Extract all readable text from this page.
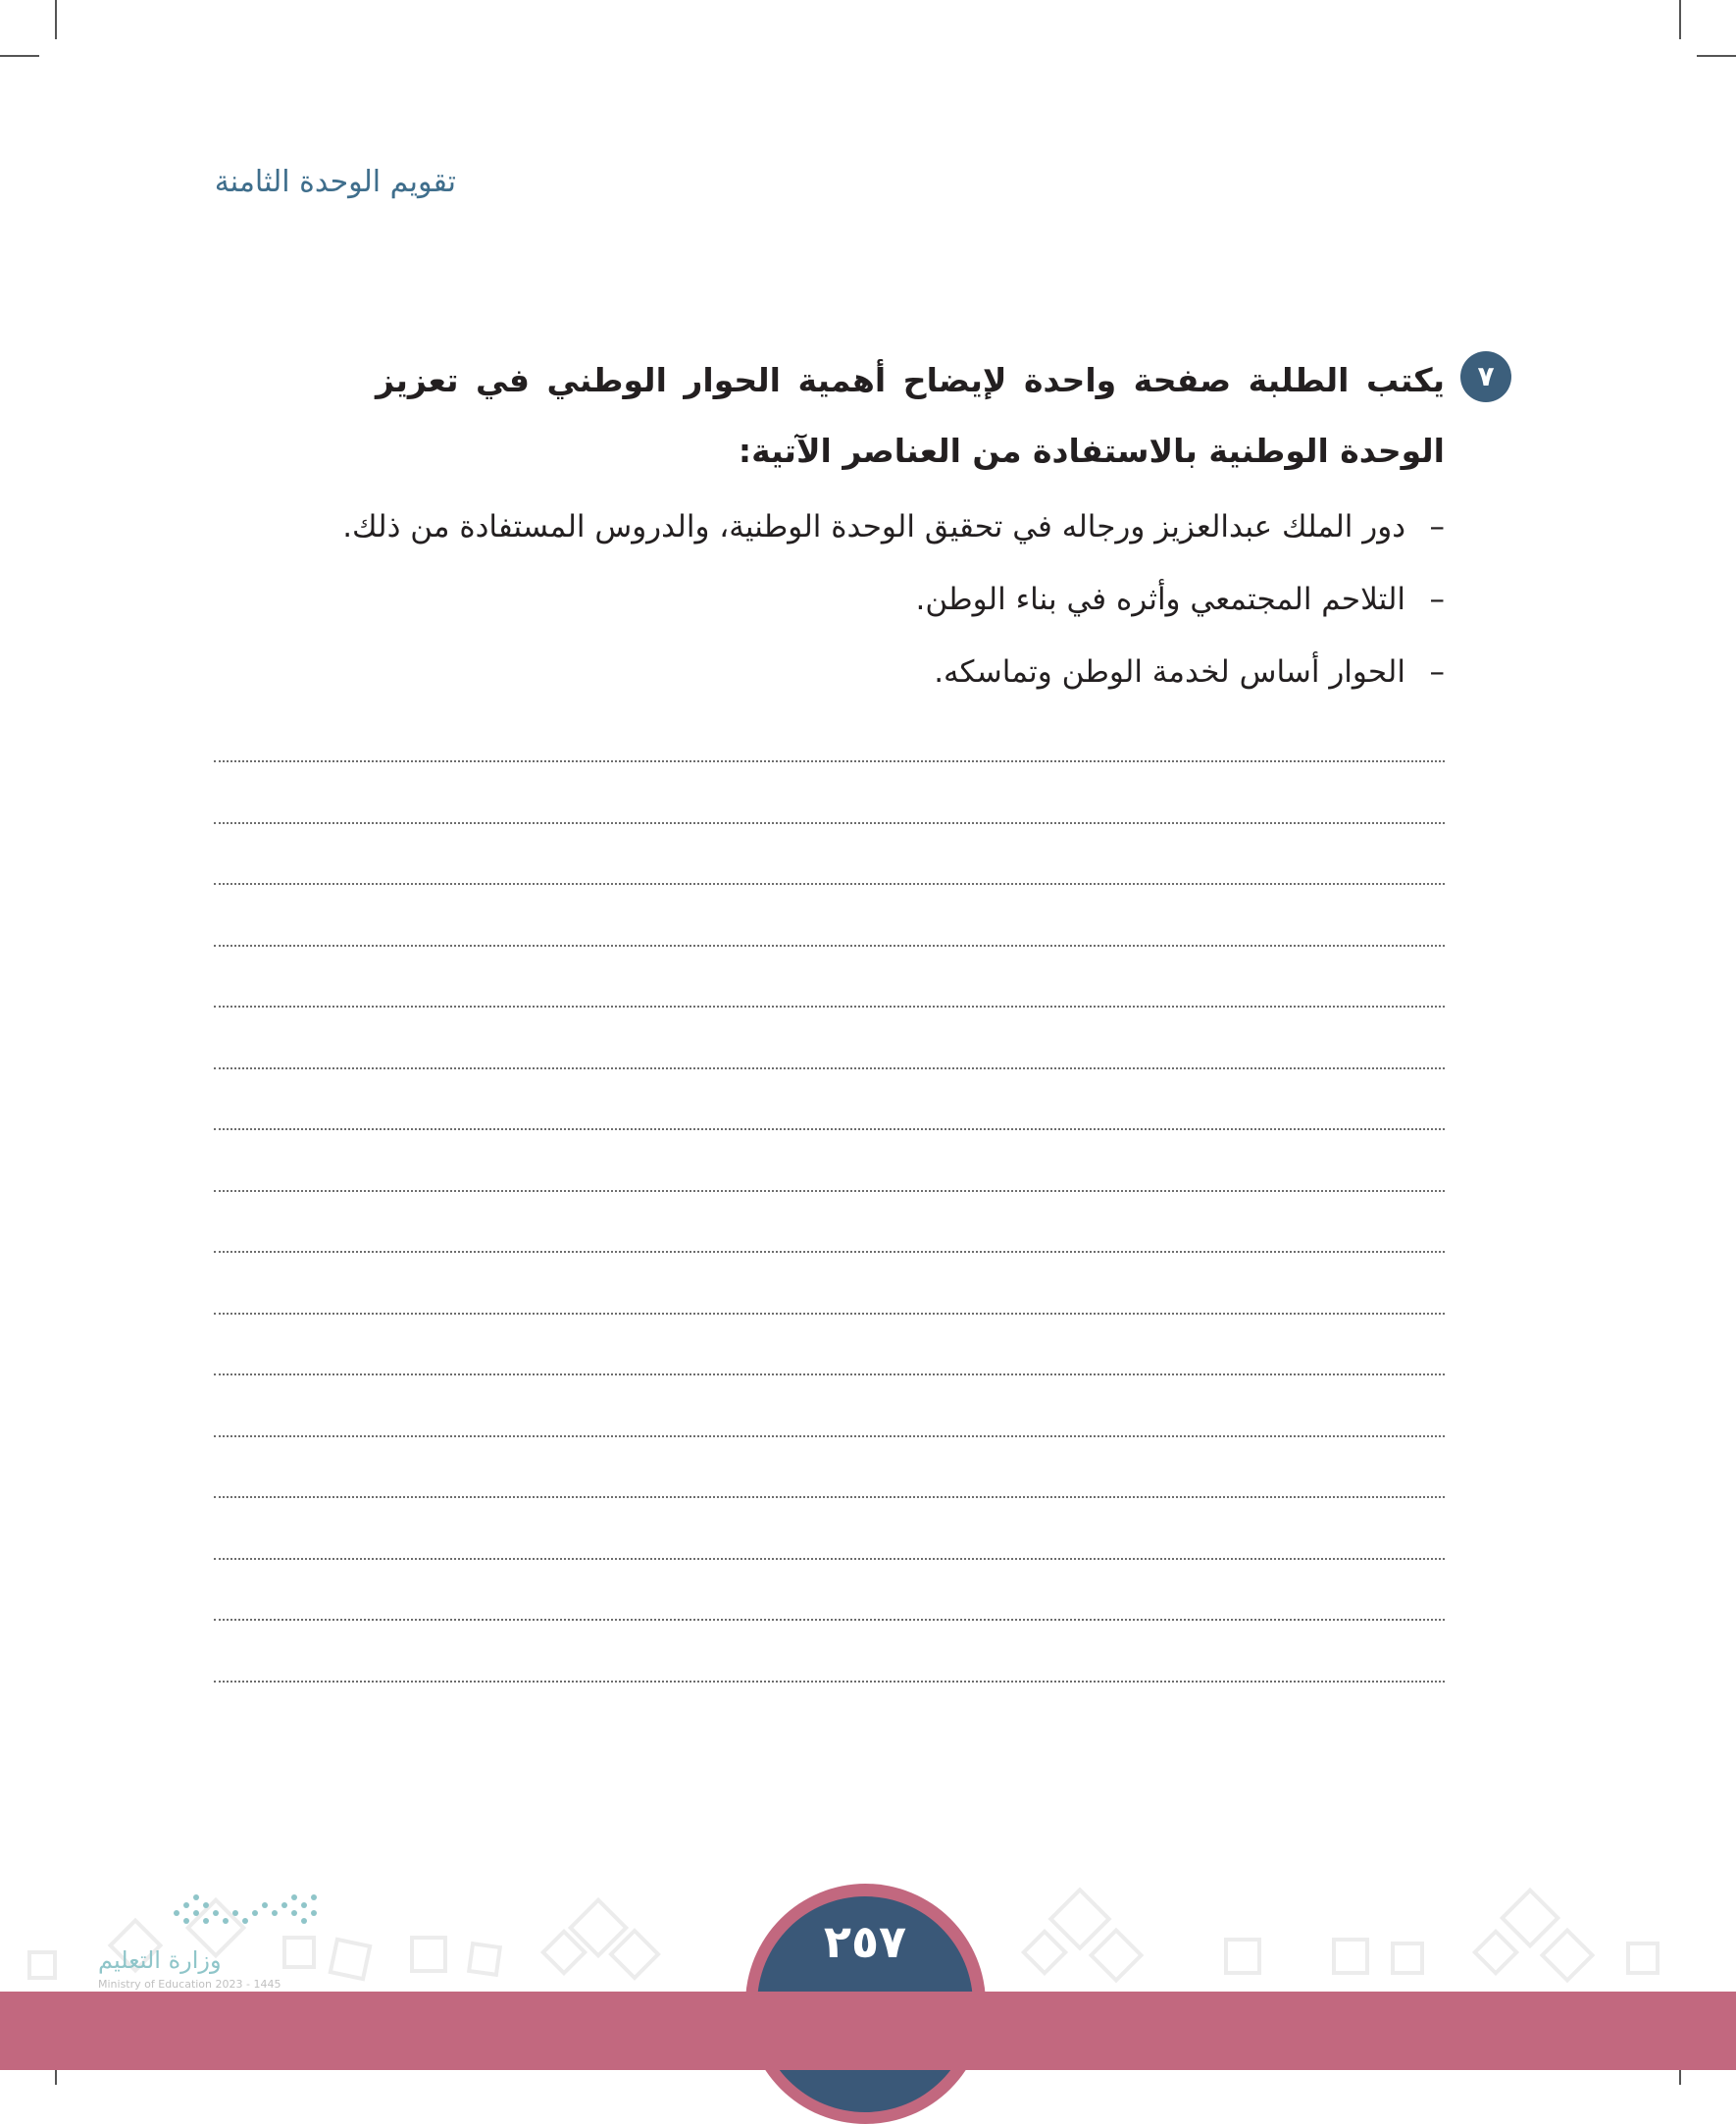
تقويم الوحدة الثامنة
٧
يكتب الطلبة صفحة واحدة لإيضاح أهمية الحوار الوطني في تعزيز الوحدة الوطنية بالاستفادة من العناصر الآتية:
–دور الملك عبدالعزيز ورجاله في تحقيق الوحدة الوطنية، والدروس المستفادة من ذلك.
–التلاحم المجتمعي وأثره في بناء الوطن.
–الحوار أساس لخدمة الوطن وتماسكه.
وزارة التعليم	٢٥٧
Ministry of Education 2023 - 1445
